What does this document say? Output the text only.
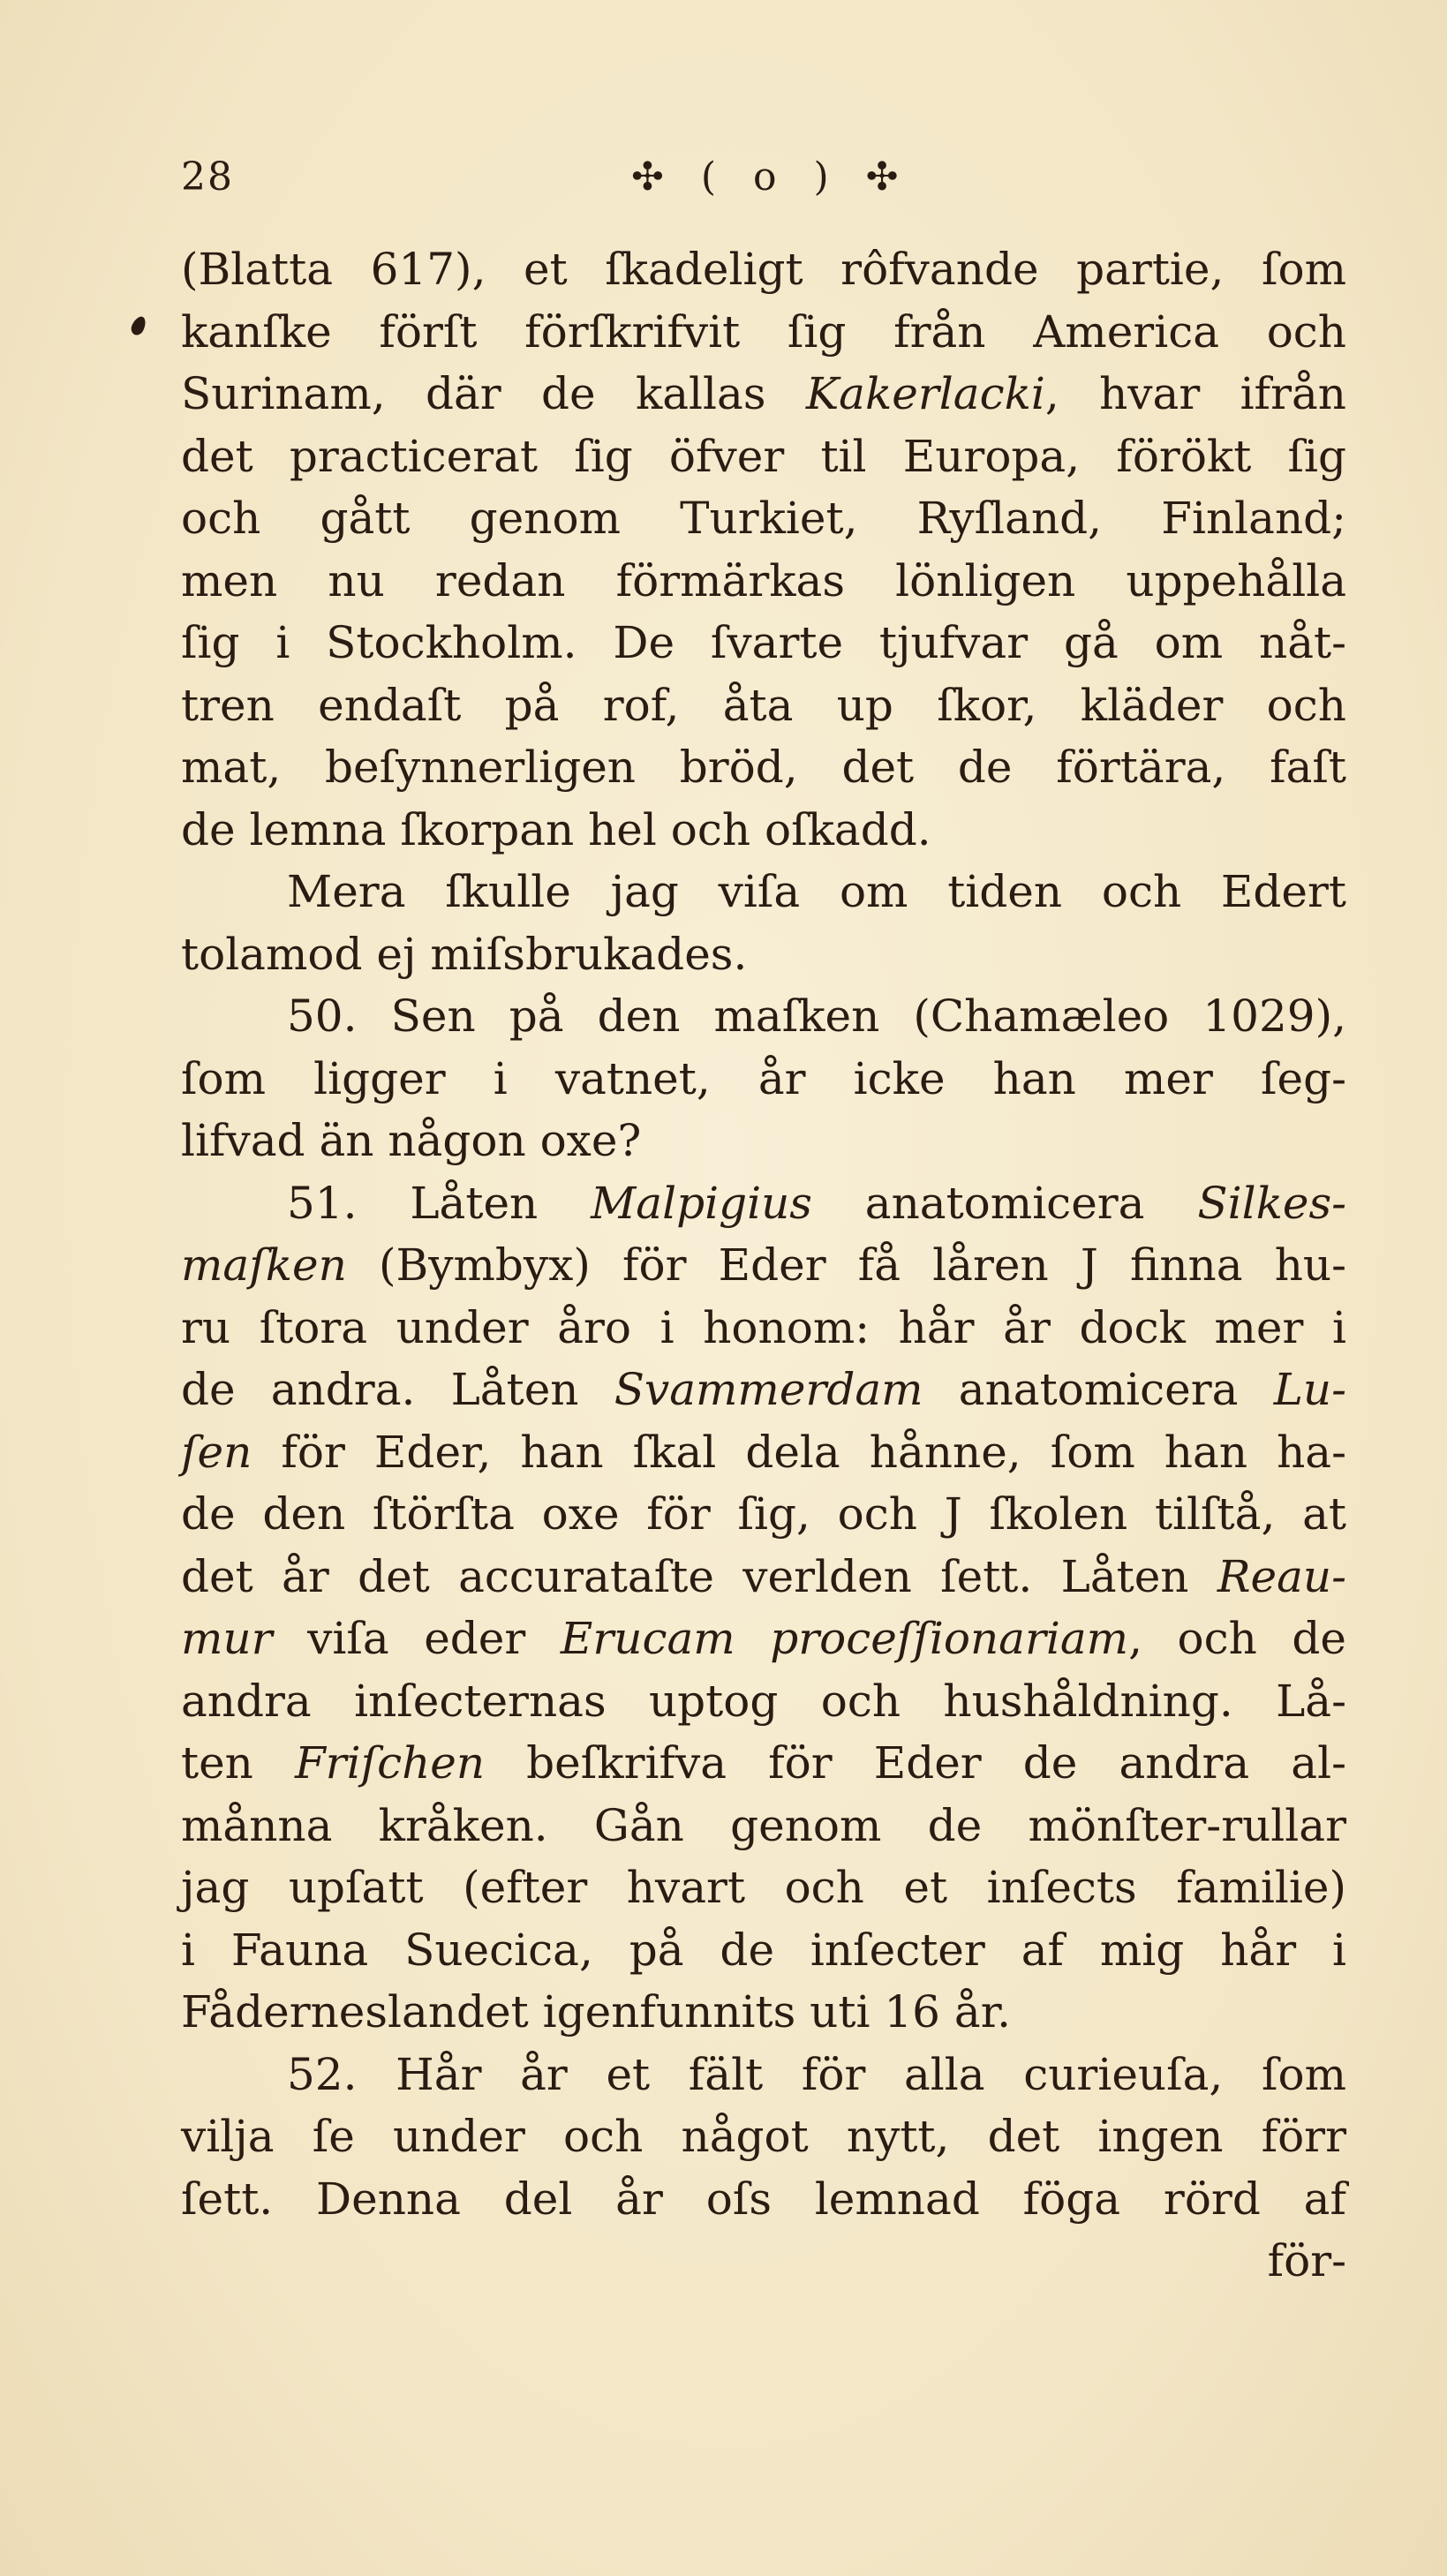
28	✣ ( o ) ✣
(Blatta 617), et ſkadeligt rôfvande partie, ſom
kanſke förſt förſkrifvit ſig från America och
Surinam, där de kallas Kakerlacki, hvar ifrån
det practicerat ſig öfver til Europa, förökt ſig
och gått genom Turkiet, Ryſland, Finland;
men nu redan förmärkas lönligen uppehålla
ſig i Stockholm. De ſvarte tjufvar gå om nåt-
tren endaſt på rof, åta up ſkor, kläder och
mat, beſynnerligen bröd, det de förtära, faſt
de lemna ſkorpan hel och oſkadd.
Mera ſkulle jag viſa om tiden och Edert
tolamod ej miſsbrukades.
50. Sen på den maſken (Chamæleo 1029),
ſom ligger i vatnet, år icke han mer ſeg-
lifvad än någon oxe?
51. Låten Malpigius anatomicera Silkes-
maſken (Bymbyx) för Eder få låren J finna hu-
ru ſtora under åro i honom: hår år dock mer i
de andra. Låten Svammerdam anatomicera Lu-
ſen för Eder, han ſkal dela hånne, ſom han ha-
de den ſtörſta oxe för ſig, och J ſkolen tilſtå, at
det år det accurataſte verlden ſett. Låten Reau-
mur viſa eder Erucam proceſſionariam, och de
andra inſecternas uptog och hushåldning. Lå-
ten Friſchen beſkrifva för Eder de andra al-
månna kråken. Gån genom de mönſter-rullar
jag upſatt (efter hvart och et inſects familie)
i Fauna Suecica, på de inſecter af mig hår i
Fåderneslandet igenfunnits uti 16 år.
52. Hår år et fält för alla curieuſa, ſom
vilja ſe under och något nytt, det ingen förr
ſett. Denna del år oſs lemnad föga rörd af
för-
